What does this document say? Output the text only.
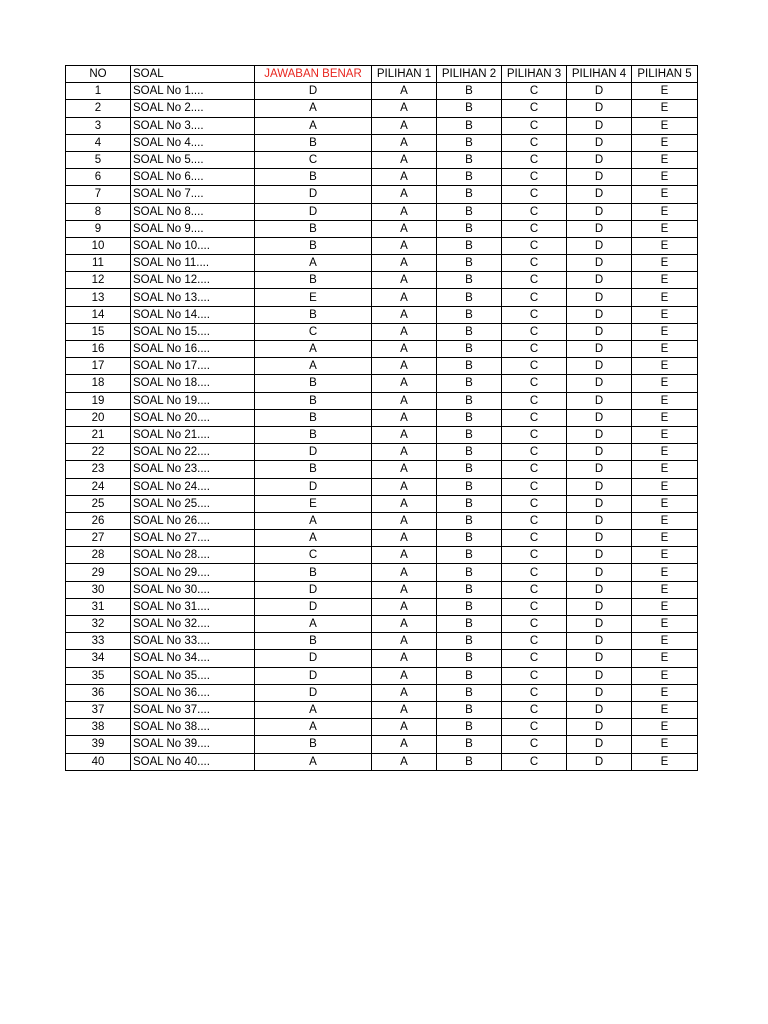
NO	SOAL	JAWABAN BENAR	PILIHAN 1	PILIHAN 2	PILIHAN 3	PILIHAN 4	PILIHAN 5
1	SOAL No 1....	D	A	B	C	D	E
2	SOAL No 2....	A	A	B	C	D	E
3	SOAL No 3....	A	A	B	C	D	E
4	SOAL No 4....	B	A	B	C	D	E
5	SOAL No 5....	C	A	B	C	D	E
6	SOAL No 6....	B	A	B	C	D	E
7	SOAL No 7....	D	A	B	C	D	E
8	SOAL No 8....	D	A	B	C	D	E
9	SOAL No 9....	B	A	B	C	D	E
10	SOAL No 10....	B	A	B	C	D	E
11	SOAL No 11....	A	A	B	C	D	E
12	SOAL No 12....	B	A	B	C	D	E
13	SOAL No 13....	E	A	B	C	D	E
14	SOAL No 14....	B	A	B	C	D	E
15	SOAL No 15....	C	A	B	C	D	E
16	SOAL No 16....	A	A	B	C	D	E
17	SOAL No 17....	A	A	B	C	D	E
18	SOAL No 18....	B	A	B	C	D	E
19	SOAL No 19....	B	A	B	C	D	E
20	SOAL No 20....	B	A	B	C	D	E
21	SOAL No 21....	B	A	B	C	D	E
22	SOAL No 22....	D	A	B	C	D	E
23	SOAL No 23....	B	A	B	C	D	E
24	SOAL No 24....	D	A	B	C	D	E
25	SOAL No 25....	E	A	B	C	D	E
26	SOAL No 26....	A	A	B	C	D	E
27	SOAL No 27....	A	A	B	C	D	E
28	SOAL No 28....	C	A	B	C	D	E
29	SOAL No 29....	B	A	B	C	D	E
30	SOAL No 30....	D	A	B	C	D	E
31	SOAL No 31....	D	A	B	C	D	E
32	SOAL No 32....	A	A	B	C	D	E
33	SOAL No 33....	B	A	B	C	D	E
34	SOAL No 34....	D	A	B	C	D	E
35	SOAL No 35....	D	A	B	C	D	E
36	SOAL No 36....	D	A	B	C	D	E
37	SOAL No 37....	A	A	B	C	D	E
38	SOAL No 38....	A	A	B	C	D	E
39	SOAL No 39....	B	A	B	C	D	E
40	SOAL No 40....	A	A	B	C	D	E
